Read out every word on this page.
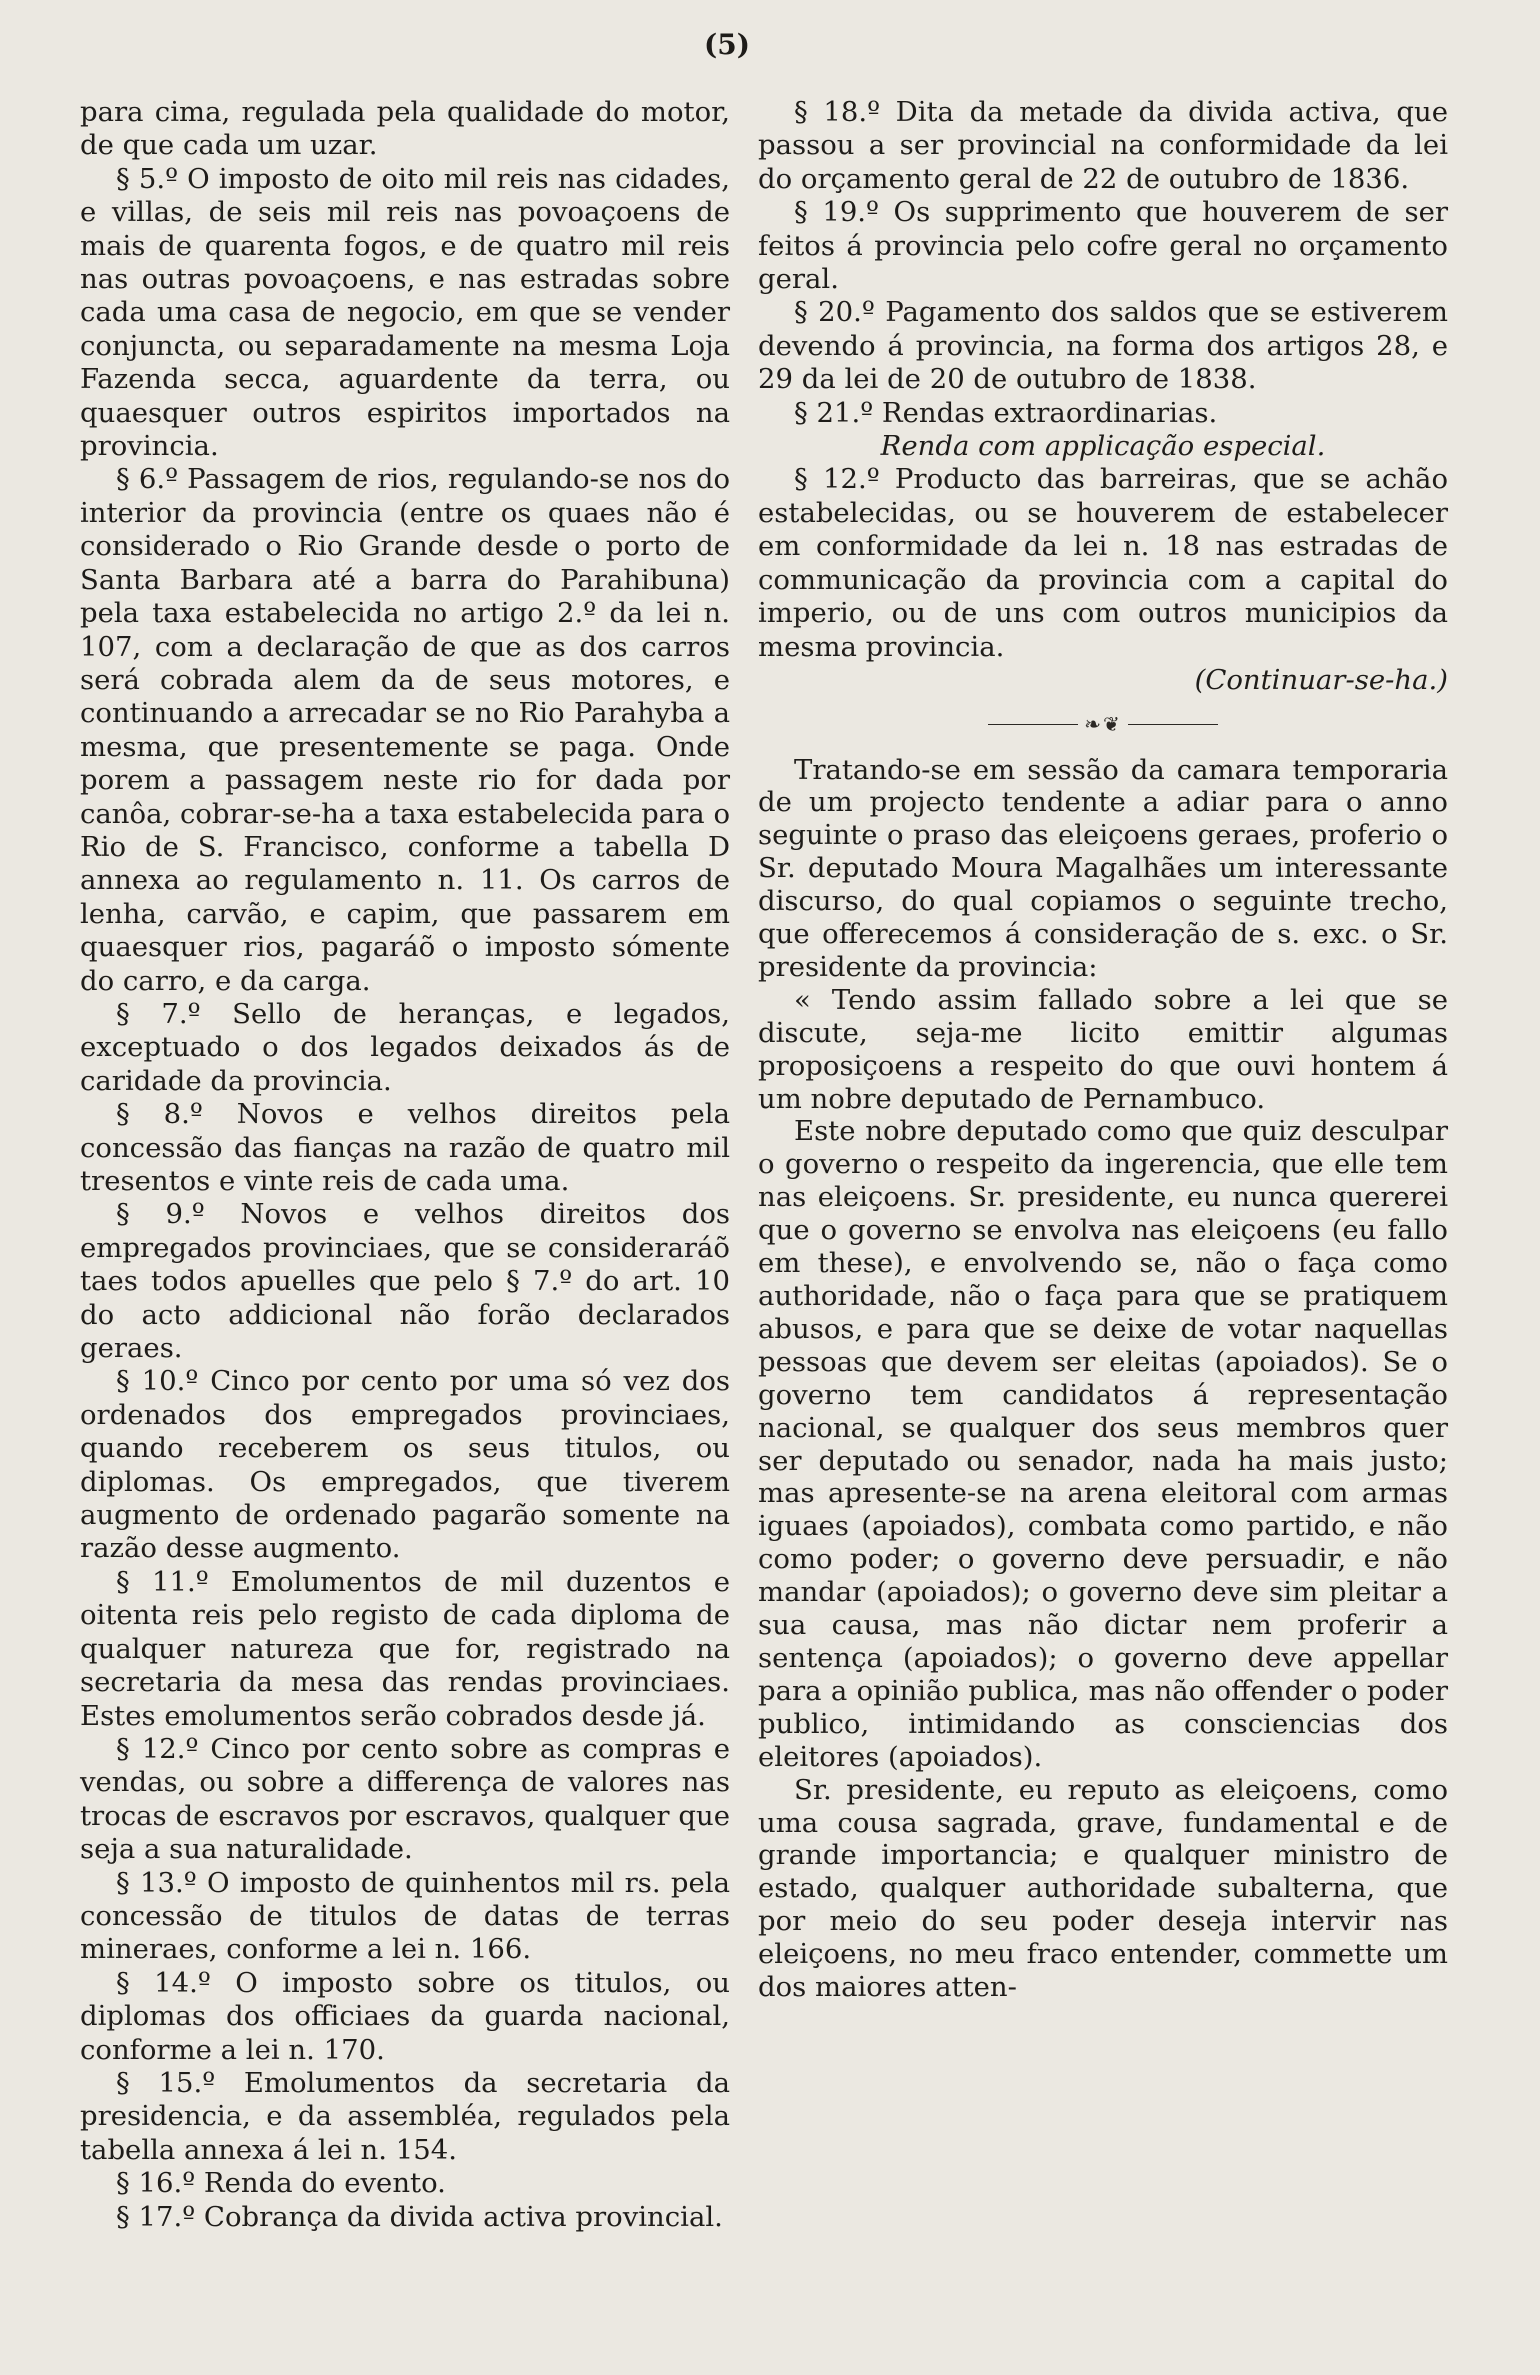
(5)

para cima, regulada pela qualidade do motor, de que cada um uzar.

§ 5.º O imposto de oito mil reis nas cidades, e villas, de seis mil reis nas povoaçoens de mais de quarenta fogos, e de quatro mil reis nas outras povoaçoens, e nas estradas sobre cada uma casa de negocio, em que se vender conjuncta, ou separadamente na mesma Loja Fazenda secca, aguardente da terra, ou quaesquer outros espiritos importados na provincia.

§ 6.º Passagem de rios, regulando-se nos do interior da provincia (entre os quaes não é considerado o Rio Grande desde o porto de Santa Barbara até a barra do Parahibuna) pela taxa estabelecida no artigo 2.º da lei n. 107, com a declaração de que as dos carros será cobrada alem da de seus motores, e continuando a arrecadar se no Rio Parahyba a mesma, que presentemente se paga. Onde porem a passagem neste rio for dada por canôa, cobrar-se-ha a taxa estabelecida para o Rio de S. Francisco, conforme a tabella D annexa ao regulamento n. 11. Os carros de lenha, carvão, e capim, que passarem em quaesquer rios, pagaráõ o imposto sómente do carro, e da carga.

§ 7.º Sello de heranças, e legados, exceptuado o dos legados deixados ás de caridade da provincia.

§ 8.º Novos e velhos direitos pela concessão das fianças na razão de quatro mil tresentos e vinte reis de cada uma.

§ 9.º Novos e velhos direitos dos empregados provinciaes, que se consideraráõ taes todos apuelles que pelo § 7.º do art. 10 do acto addicional não forão declarados geraes.

§ 10.º Cinco por cento por uma só vez dos ordenados dos empregados provinciaes, quando receberem os seus titulos, ou diplomas. Os empregados, que tiverem augmento de ordenado pagarão somente na razão desse augmento.

§ 11.º Emolumentos de mil duzentos e oitenta reis pelo registo de cada diploma de qualquer natureza que for, registrado na secretaria da mesa das rendas provinciaes. Estes emolumentos serão cobrados desde já.

§ 12.º Cinco por cento sobre as compras e vendas, ou sobre a differença de valores nas trocas de escravos por escravos, qualquer que seja a sua naturalidade.

§ 13.º O imposto de quinhentos mil rs. pela concessão de titulos de datas de terras mineraes, conforme a lei n. 166.

§ 14.º O imposto sobre os titulos, ou diplomas dos officiaes da guarda nacional, conforme a lei n. 170.

§ 15.º Emolumentos da secretaria da presidencia, e da assembléa, regulados pela tabella annexa á lei n. 154.

§ 16.º Renda do evento.

§ 17.º Cobrança da divida activa provincial.

§ 18.º Dita da metade da divida activa, que passou a ser provincial na conformidade da lei do orçamento geral de 22 de outubro de 1836.

§ 19.º Os supprimento que houverem de ser feitos á provincia pelo cofre geral no orçamento geral.

§ 20.º Pagamento dos saldos que se estiverem devendo á provincia, na forma dos artigos 28, e 29 da lei de 20 de outubro de 1838.

§ 21.º Rendas extraordinarias.

Renda com applicação especial.

§ 12.º Producto das barreiras, que se achão estabelecidas, ou se houverem de estabelecer em conformidade da lei n. 18 nas estradas de communicação da provincia com a capital do imperio, ou de uns com outros municipios da mesma provincia.

(Continuar-se-ha.)

❧❦

Tratando-se em sessão da camara temporaria de um projecto tendente a adiar para o anno seguinte o praso das eleiçoens geraes, proferio o Sr. deputado Moura Magalhães um interessante discurso, do qual copiamos o seguinte trecho, que offerecemos á consideração de s. exc. o Sr. presidente da provincia:

« Tendo assim fallado sobre a lei que se discute, seja-me licito emittir algumas proposiçoens a respeito do que ouvi hontem á um nobre deputado de Pernambuco.

Este nobre deputado como que quiz desculpar o governo o respeito da ingerencia, que elle tem nas eleiçoens. Sr. presidente, eu nunca quererei que o governo se envolva nas eleiçoens (eu fallo em these), e envolvendo se, não o faça como authoridade, não o faça para que se pratiquem abusos, e para que se deixe de votar naquellas pessoas que devem ser eleitas (apoiados). Se o governo tem candidatos á representação nacional, se qualquer dos seus membros quer ser deputado ou senador, nada ha mais justo; mas apresente-se na arena eleitoral com armas iguaes (apoiados), combata como partido, e não como poder; o governo deve persuadir, e não mandar (apoiados); o governo deve sim pleitar a sua causa, mas não dictar nem proferir a sentença (apoiados); o governo deve appellar para a opinião publica, mas não offender o poder publico, intimidando as consciencias dos eleitores (apoiados).

Sr. presidente, eu reputo as eleiçoens, como uma cousa sagrada, grave, fundamental e de grande importancia; e qualquer ministro de estado, qualquer authoridade subalterna, que por meio do seu poder deseja intervir nas eleiçoens, no meu fraco entender, commette um dos maiores atten-
